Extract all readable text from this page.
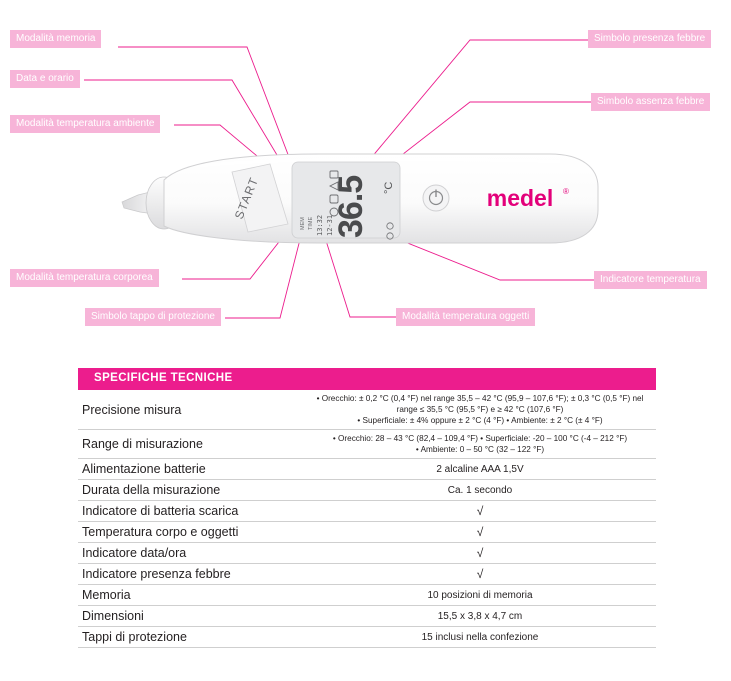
Modalità memoria
Data e orario
Modalità temperatura ambiente
Modalità temperatura corporea
Simbolo tappo di protezione	Modalità temperatura oggetti
Simbolo presenza febbre
Simbolo assenza febbre
Indicatore temperatura
START
MEM TIME 13:32 12-31
36.5 °C	medel ®
SPECIFICHE TECNICHE
Precisione misura	• Orecchio: ± 0,2 °C (0,4 °F) nel range 35,5 – 42 °C (95,9 – 107,6 °F); ± 0,3 °C (0,5 °F) nel range ≤ 35,5 °C (95,5 °F) e ≥ 42 °C (107,6 °F)
• Superficiale: ± 4% oppure ± 2 °C (4 °F) • Ambiente: ± 2 °C (± 4 °F)

Range di misurazione	• Orecchio: 28 – 43 °C (82,4 – 109,4 °F) • Superficiale: -20 – 100 °C (-4 – 212 °F)
• Ambiente: 0 – 50 °C (32 – 122 °F)

Alimentazione batterie	2 alcaline AAA 1,5V

Durata della misurazione	Ca. 1 secondo

Indicatore di batteria scarica	√

Temperatura corpo e oggetti	√

Indicatore data/ora	√

Indicatore presenza febbre	√

Memoria	10 posizioni di memoria

Dimensioni	15,5 x 3,8 x 4,7 cm

Tappi di protezione	15 inclusi nella confezione
